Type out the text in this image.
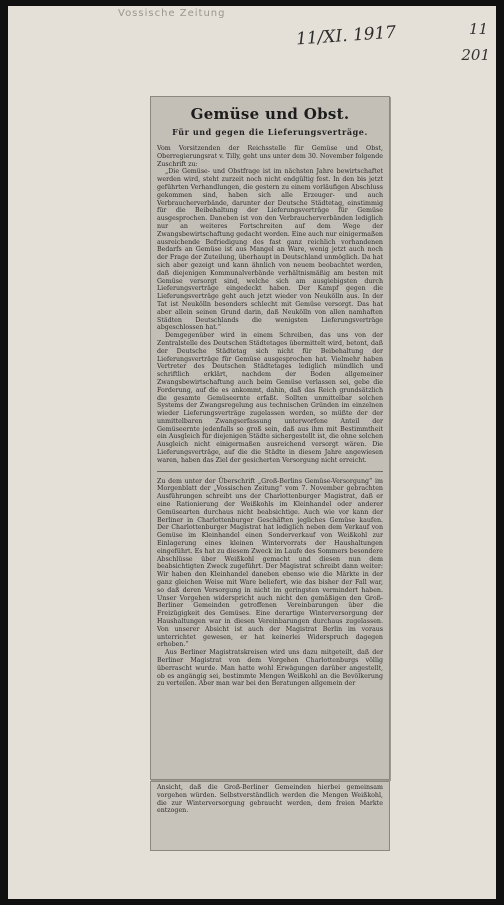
Vossische Zeitung
11/XI. 1917	11
201
Gemüse und Obst.
Für und gegen die Lieferungsverträge.

Vom Vorsitzenden der Reichsstelle für Gemüse und Obst, Oberregierungsrat v. Tilly, geht uns unter dem 30. November folgende Zuschrift zu:

„Die Gemüse- und Obstfrage ist im nächsten Jahre bewirtschaftet werden wird, steht zurzeit noch nicht endgültig fest. In den bis jetzt geführten Verhandlungen, die gestern zu einem vorläufigen Abschluss gekommen sind, haben sich alle Erzeuger- und auch Verbraucherverbände, darunter der Deutsche Städtetag, einstimmig für die Beibehaltung der Lieferungsverträge für Gemüse ausgesprochen. Daneben ist von den Verbraucherverbänden lediglich nur an weiteres Fortschreiten auf dem Wege der Zwangsbewirtschaftung gedacht worden. Eine auch nur einigermaßen ausreichende Befriedigung des fast ganz reichlich vorhandenen Bedarfs an Gemüse ist aus Mangel an Ware, wenig jetzt auch noch der Frage der Zuteilung, überhaupt in Deutschland unmöglich. Da hat sich aber gezeigt und kann ähnlich von neuem beobachtet werden, daß diejenigen Kommunalverbände verhältnismäßig am besten mit Gemüse versorgt sind, welche sich am ausgiebigsten durch Lieferungsverträge eingedeckt haben. Der Kampf gegen die Lieferungsverträge geht auch jetzt wieder von Neukölln aus. In der Tat ist Neukölln besonders schlecht mit Gemüse versorgt. Das hat aber allein seinen Grund darin, daß Neukölln von allen namhaften Städten Deutschlands die wenigsten Lieferungsverträge abgeschlossen hat.“

Demgegenüber wird in einem Schreiben, das uns von der Zentralstelle des Deutschen Städtetages übermittelt wird, betont, daß der Deutsche Städtetag sich nicht für Beibehaltung der Lieferungsverträge für Gemüse ausgesprochen hat. Vielmehr haben Vertreter des Deutschen Städtetages lediglich mündlich und schriftlich erklärt, nachdem der Boden allgemeiner Zwangsbewirtschaftung auch beim Gemüse verlassen sei, gebe die Forderung, auf die es ankommt, dahin, daß das Reich grundsätzlich die gesamte Gemüseernte erfaßt. Sollten unmittelbar solchen Systems der Zwangsregelung aus technischen Gründen im einzelnen wieder Lieferungsverträge zugelassen werden, so müßte der der unmittelbaren Zwangserfassung unterworfene Anteil der Gemüseernte jedenfalls so groß sein, daß aus ihm mit Bestimmtheit ein Ausgleich für diejenigen Städte sichergestellt ist, die ohne solchen Ausgleich nicht einigermaßen ausreichend versorgt wären. Die Lieferungsverträge, auf die die Städte in diesem Jahre angewiesen waren, haben das Ziel der gesicherten Versorgung nicht erreicht.

Zu dem unter der Überschrift „Groß-Berlins Gemüse-Versorgung“ im Morgenblatt der „Vossischen Zeitung“ vom 7. November gebrachten Ausführungen schreibt uns der Charlottenburger Magistrat, daß er eine Rationierung der Weißkohls im Kleinhandel oder anderer Gemüsearten durchaus nicht beabsichtige. Auch wie vor kann der Berliner in Charlottenburger Geschäften jegliches Gemüse kaufen. Der Charlottenburger Magistrat hat lediglich neben dem Verkauf von Gemüse im Kleinhandel einen Sonderverkauf von Weißkohl zur Einlagerung eines kleinen Wintervorrats der Haushaltungen eingeführt. Es hat zu diesem Zweck im Laufe des Sommers besondere Abschlüsse über Weißkohl gemacht und diesen nun dem beabsichtigten Zweck zugeführt. Der Magistrat schreibt dann weiter: Wir haben den Kleinhandel daneben ebenso wie die Märkte in der ganz gleichen Weise mit Ware beliefert, wie das bisher der Fall war, so daß deren Versorgung in nicht im geringsten vermindert haben. Unser Vorgehen widerspricht auch nicht den gemäßigen den Groß-Berliner Gemeinden getroffenen Vereinbarungen über die Freizügigkeit des Gemüses. Eine derartige Winterversorgung der Haushaltungen war in diesen Vereinbarungen durchaus zugelassen. Von unserer Absicht ist auch der Magistrat Berlin im voraus unterrichtet gewesen, er hat keinerlei Widerspruch dagegen erhoben.“

Aus Berliner Magistratskreisen wird uns dazu mitgeteilt, daß der Berliner Magistrat von dem Vorgehen Charlottenburgs völlig überrascht wurde. Man hatte wohl Erwägungen darüber angestellt, ob es angängig sei, bestimmte Mengen Weißkohl an die Bevölkerung zu verteilen. Aber man war bei den Beratungen allgemein der

Ansicht, daß die Groß-Berliner Gemeinden hierbei gemeinsam vorgehen würden. Selbstverständlich werden die Mengen Weißkohl, die zur Winterversorgung gebraucht werden, dem freien Markte entzogen.
